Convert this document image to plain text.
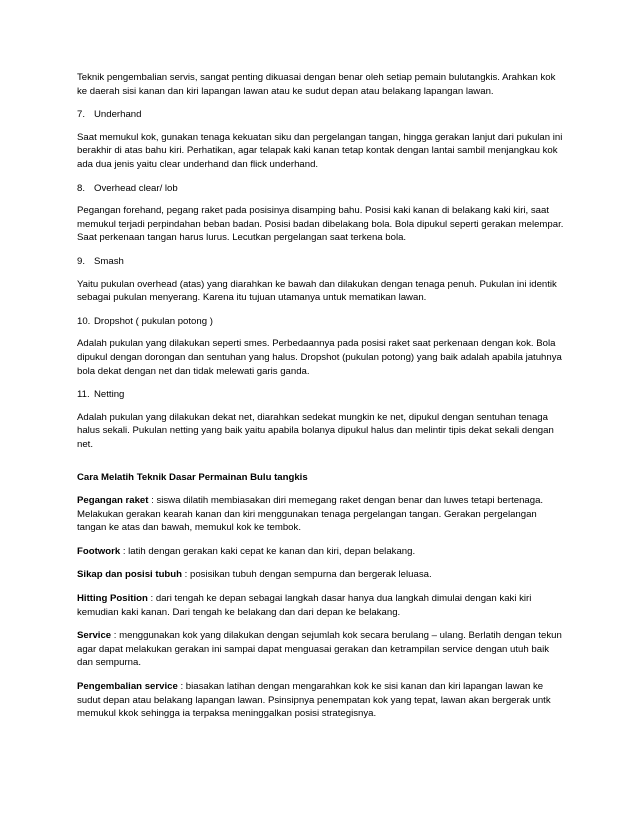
Teknik pengembalian servis, sangat penting dikuasai dengan benar oleh setiap pemain bulutangkis. Arahkan kok ke daerah sisi kanan dan kiri lapangan lawan atau ke sudut depan atau belakang lapangan lawan.

7. Underhand

Saat memukul kok, gunakan tenaga kekuatan siku dan pergelangan tangan, hingga gerakan lanjut dari pukulan ini berakhir di atas bahu kiri. Perhatikan, agar telapak kaki kanan tetap kontak dengan lantai sambil menjangkau kok ada dua jenis yaitu clear underhand dan flick underhand.

8. Overhead clear/ lob

Pegangan forehand, pegang raket pada posisinya disamping bahu. Posisi kaki kanan di belakang kaki kiri, saat memukul terjadi perpindahan beban badan. Posisi badan dibelakang bola. Bola dipukul seperti gerakan melempar. Saat perkenaan tangan harus lurus. Lecutkan pergelangan saat terkena bola.

9. Smash

Yaitu pukulan overhead (atas) yang diarahkan ke bawah dan dilakukan dengan tenaga penuh. Pukulan ini identik sebagai pukulan menyerang. Karena itu tujuan utamanya untuk mematikan lawan.

10. Dropshot ( pukulan potong )

Adalah pukulan yang dilakukan seperti smes. Perbedaannya pada posisi raket saat perkenaan dengan kok. Bola dipukul dengan dorongan dan sentuhan yang halus. Dropshot (pukulan potong) yang baik adalah apabila jatuhnya bola dekat dengan net dan tidak melewati garis ganda.

11. Netting

Adalah pukulan yang dilakukan dekat net, diarahkan sedekat mungkin ke net, dipukul dengan sentuhan tenaga halus sekali. Pukulan netting yang baik yaitu apabila bolanya dipukul halus dan melintir tipis dekat sekali dengan net.

Cara Melatih Teknik Dasar Permainan Bulu tangkis

Pegangan raket : siswa dilatih membiasakan diri memegang raket dengan benar dan luwes tetapi bertenaga. Melakukan gerakan kearah kanan dan kiri menggunakan tenaga pergelangan tangan. Gerakan pergelangan tangan ke atas dan bawah, memukul kok ke tembok.

Footwork : latih dengan gerakan kaki cepat ke kanan dan kiri, depan belakang.

Sikap dan posisi tubuh : posisikan tubuh dengan sempurna dan bergerak leluasa.

Hitting Position : dari tengah ke depan sebagai langkah dasar hanya dua langkah dimulai dengan kaki kiri kemudian kaki kanan. Dari tengah ke belakang dan dari depan ke belakang.

Service : menggunakan kok yang dilakukan dengan sejumlah kok secara berulang – ulang. Berlatih dengan tekun agar dapat melakukan gerakan ini sampai dapat menguasai gerakan dan ketrampilan service dengan utuh baik dan sempurna.

Pengembalian service : biasakan latihan dengan mengarahkan kok ke sisi kanan dan kiri lapangan lawan ke sudut depan atau belakang lapangan lawan. Psinsipnya penempatan kok yang tepat, lawan akan bergerak untk memukul kkok sehingga ia terpaksa meninggalkan posisi strategisnya.
